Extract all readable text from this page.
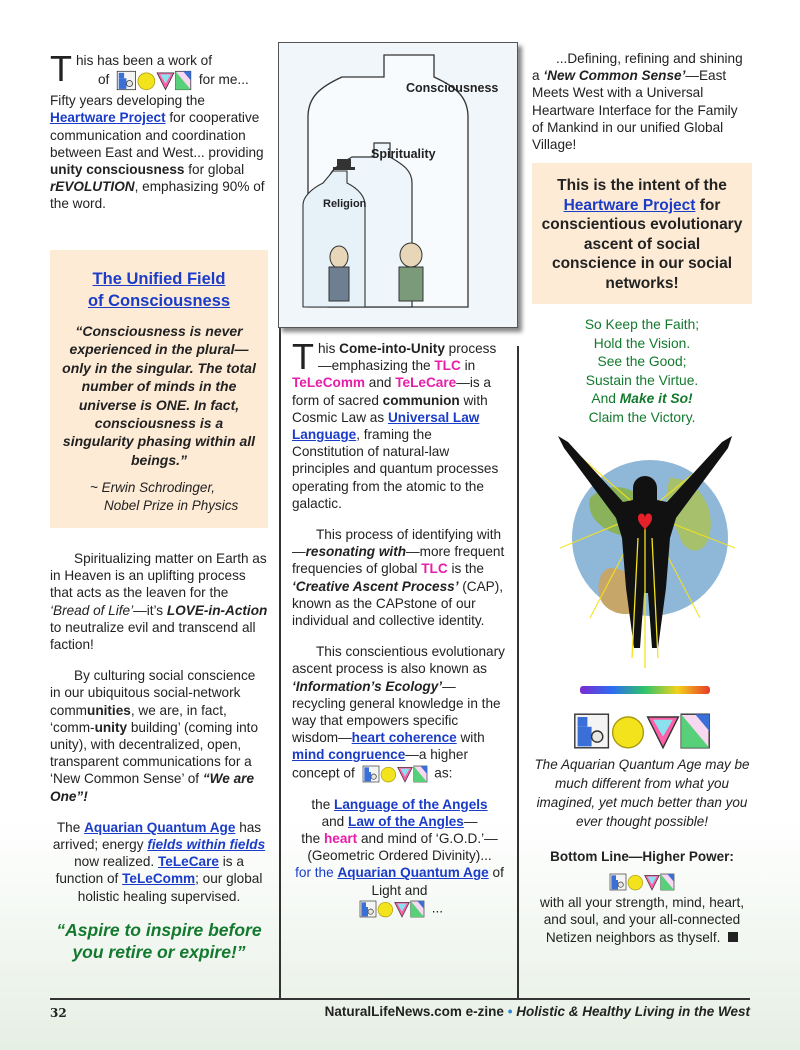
This has been a work of
of	for me... Fifty years developing the Heartware Project for cooperative communication and coordination between East and West... providing unity consciousness for global rEVOLUTION, emphasizing 90% of the word.

The Unified Field
of Consciousness

“Consciousness is never experienced in the plural—only in the singular. The total number of minds in the universe is ONE. In fact, consciousness is a singularity phasing within all beings.”

~ Erwin Schrodinger,
Nobel Prize in Physics

Spiritualizing matter on Earth as in Heaven is an uplifting process that acts as the leaven for the ‘Bread of Life’—it’s LOVE-in-Action to neutralize evil and transcend all faction!

By culturing social conscience in our ubiquitous social-network communities, we are, in fact, ‘comm-unity building’ (coming into unity), with decentralized, open, transparent communications for a ‘New Common Sense’ of “We are One”!

The Aquarian Quantum Age has arrived; energy fields within fields now realized. TeLeCare is a function of TeLeComm; our global holistic healing supervised.

“Aspire to inspire before you retire or expire!”

Consciousness
Spirituality
Religion

This Come-into-Unity process—emphasizing the TLC in TeLeComm and TeLeCare—is a form of sacred communion with Cosmic Law as Universal Law Language, framing the Constitution of natural-law principles and quantum processes operating from the atomic to the galactic.

This process of identifying with—resonating with—more frequent frequencies of global TLC is the ‘Creative Ascent Process’ (CAP), known as the CAPstone of our individual and collective identity.

This conscientious evolutionary ascent process is also known as ‘Information’s Ecology’—recycling general knowledge in the way that empowers specific wisdom—heart coherence with mind congruence—a higher concept of	as:

the Language of the Angels
and Law of the Angles—
the heart and mind of ‘G.O.D.’—(Geometric Ordered Divinity)...
for the Aquarian Quantum Age of Light and
...

...Defining, refining and shining a ‘New Common Sense’—East Meets West with a Universal Heartware Interface for the Family of Mankind in our unified Global Village!

This is the intent of the Heartware Project for conscientious evolutionary ascent of social conscience in our social networks!

So Keep the Faith;
Hold the Vision.
See the Good;
Sustain the Virtue.
And Make it So!
Claim the Victory.

The Aquarian Quantum Age may be much different from what you imagined, yet much better than you ever thought possible!

Bottom Line—Higher Power:
with all your strength, mind, heart, and soul, and your all-connected Netizen neighbors as thyself.
32	NaturalLifeNews.com e-zine • Holistic & Healthy Living in the West
